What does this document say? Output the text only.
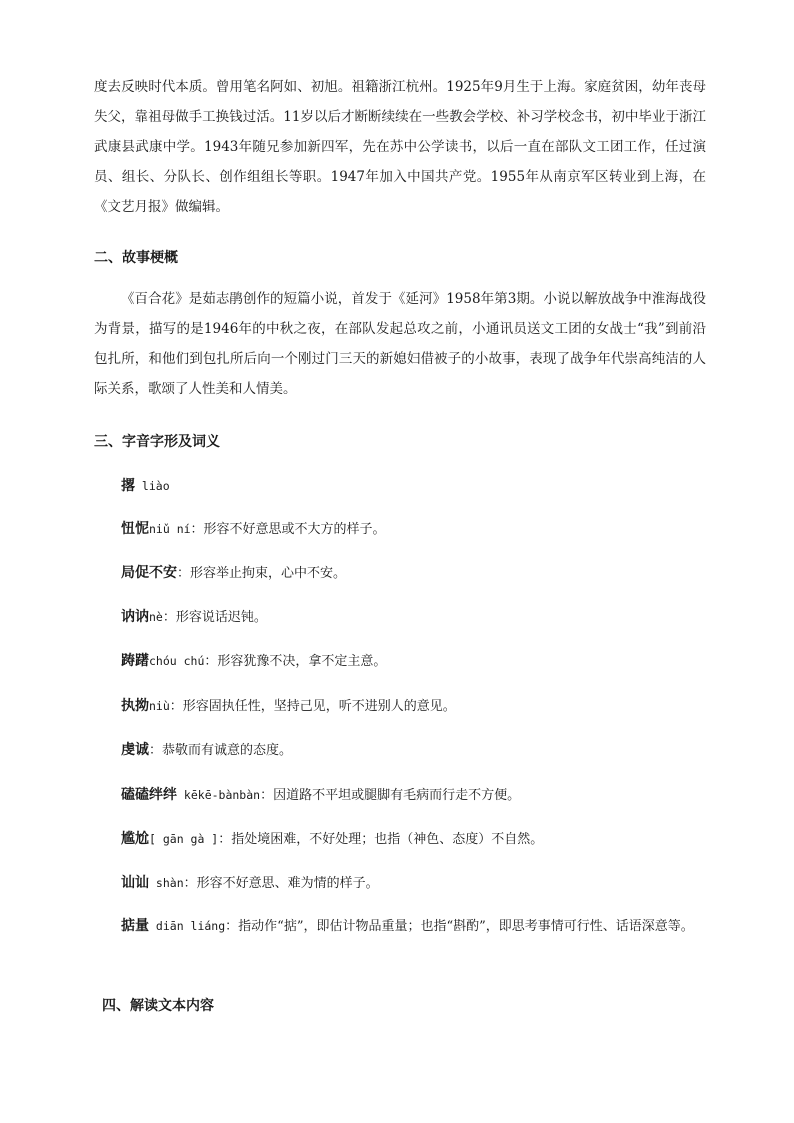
度去反映时代本质。曾用笔名阿如、初旭。祖籍浙江杭州。1925年9月生于上海。家庭贫困，幼年丧母失父，靠祖母做手工换钱过活。11岁以后才断断续续在一些教会学校、补习学校念书，初中毕业于浙江武康县武康中学。1943年随兄参加新四军，先在苏中公学读书，以后一直在部队文工团工作，任过演员、组长、分队长、创作组组长等职。1947年加入中国共产党。1955年从南京军区转业到上海，在《文艺月报》做编辑。

二、故事梗概

《百合花》是茹志鹃创作的短篇小说，首发于《延河》1958年第3期。小说以解放战争中淮海战役为背景，描写的是1946年的中秋之夜，在部队发起总攻之前，小通讯员送文工团的女战士“我”到前沿包扎所，和他们到包扎所后向一个刚过门三天的新媳妇借被子的小故事，表现了战争年代崇高纯洁的人际关系，歌颂了人性美和人情美。

三、字音字形及词义
撂 liào
忸怩niǔ ní：形容不好意思或不大方的样子。
局促不安：形容举止拘束，心中不安。
讷讷nè：形容说话迟钝。
踌躇chóu chú：形容犹豫不决，拿不定主意。
执拗niù：形容固执任性，坚持己见，听不进别人的意见。
虔诚：恭敬而有诚意的态度。
磕磕绊绊 kēkē-bànbàn：因道路不平坦或腿脚有毛病而行走不方便。
尴尬[ gān gà ]：指处境困难，不好处理；也指（神色、态度）不自然。
讪讪 shàn：形容不好意思、难为情的样子。
掂量 diān liáng：指动作“掂”，即估计物品重量；也指“斟酌”，即思考事情可行性、话语深意等。
四、解读文本内容
